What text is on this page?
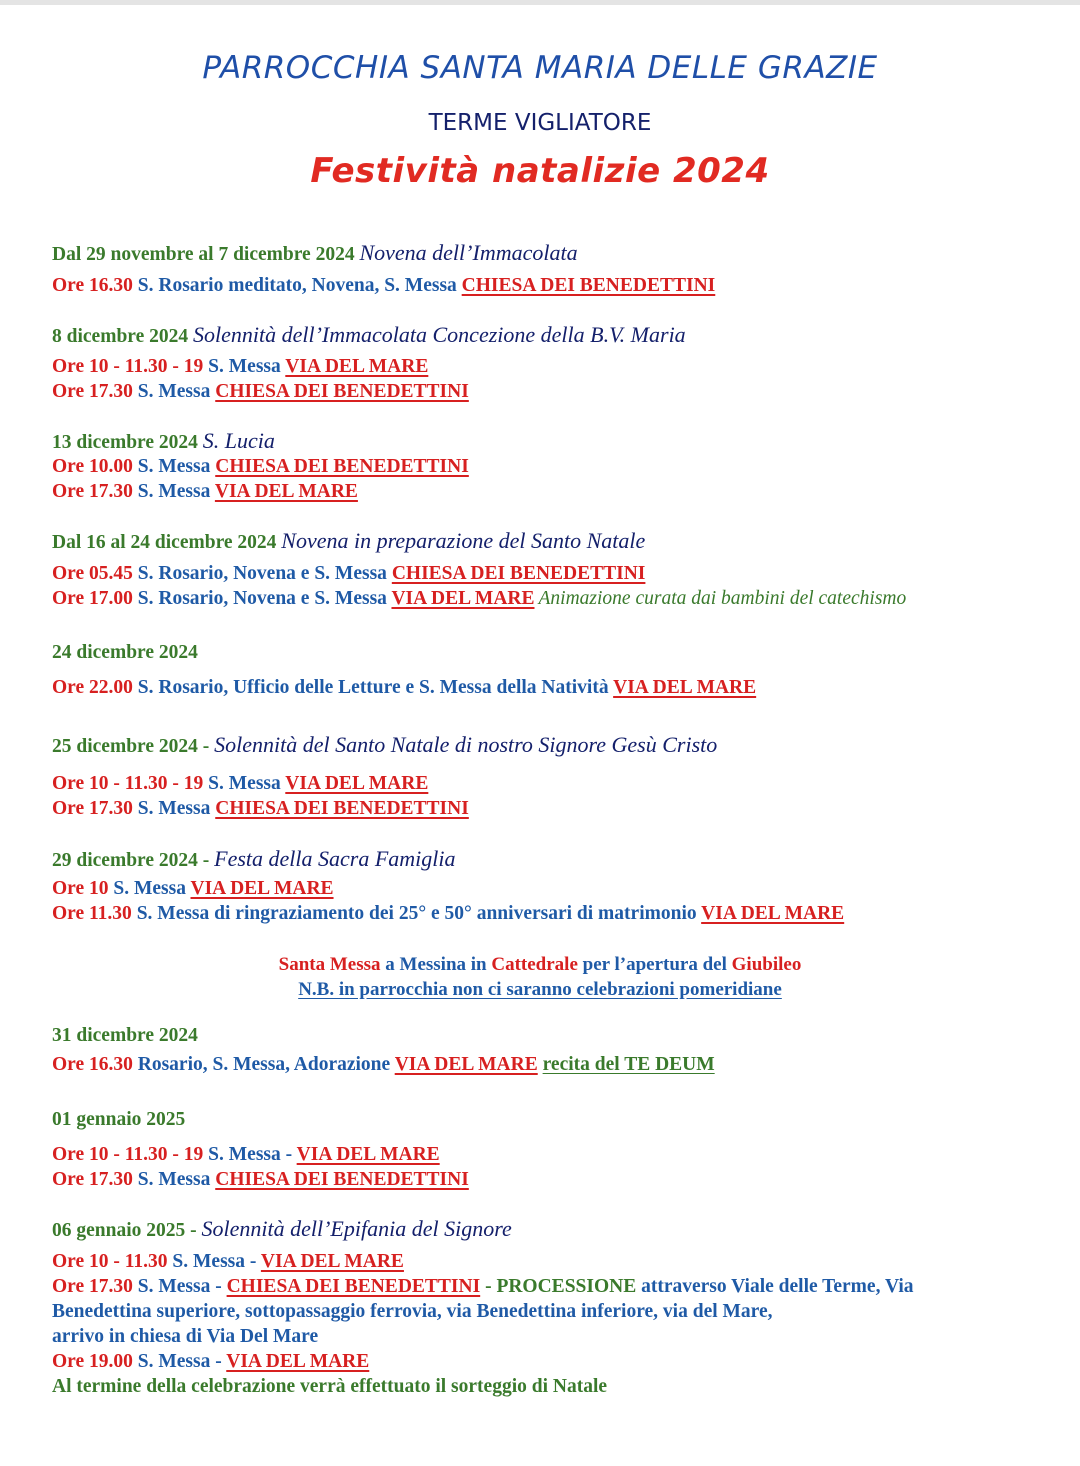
PARROCCHIA SANTA MARIA DELLE GRAZIE
TERME VIGLIATORE
Festività natalizie 2024
Dal 29 novembre al 7 dicembre 2024 Novena dell’Immacolata
Ore 16.30 S. Rosario meditato, Novena, S. Messa CHIESA DEI BENEDETTINI
8 dicembre 2024 Solennità dell’Immacolata Concezione della B.V. Maria
Ore 10 - 11.30 - 19 S. Messa VIA DEL MARE
Ore 17.30 S. Messa CHIESA DEI BENEDETTINI
13 dicembre 2024 S. Lucia
Ore 10.00 S. Messa CHIESA DEI BENEDETTINI
Ore 17.30 S. Messa VIA DEL MARE
Dal 16 al 24 dicembre 2024 Novena in preparazione del Santo Natale
Ore 05.45 S. Rosario, Novena e S. Messa CHIESA DEI BENEDETTINI
Ore 17.00 S. Rosario, Novena e S. Messa VIA DEL MARE Animazione curata dai bambini del catechismo
24 dicembre 2024
Ore 22.00 S. Rosario, Ufficio delle Letture e S. Messa della Natività VIA DEL MARE
25 dicembre 2024 - Solennità del Santo Natale di nostro Signore Gesù Cristo
Ore 10 - 11.30 - 19 S. Messa VIA DEL MARE
Ore 17.30 S. Messa CHIESA DEI BENEDETTINI
29 dicembre 2024 - Festa della Sacra Famiglia
Ore 10 S. Messa VIA DEL MARE
Ore 11.30 S. Messa di ringraziamento dei 25° e 50° anniversari di matrimonio VIA DEL MARE
Santa Messa a Messina in Cattedrale per l’apertura del Giubileo
N.B. in parrocchia non ci saranno celebrazioni pomeridiane
31 dicembre 2024
Ore 16.30 Rosario, S. Messa, Adorazione VIA DEL MARE recita del TE DEUM
01 gennaio 2025
Ore 10 - 11.30 - 19 S. Messa - VIA DEL MARE
Ore 17.30 S. Messa CHIESA DEI BENEDETTINI
06 gennaio 2025 - Solennità dell’Epifania del Signore
Ore 10 - 11.30 S. Messa - VIA DEL MARE
Ore 17.30 S. Messa - CHIESA DEI BENEDETTINI - PROCESSIONE attraverso Viale delle Terme, Via
Benedettina superiore, sottopassaggio ferrovia, via Benedettina inferiore, via del Mare,
arrivo in chiesa di Via Del Mare
Ore 19.00 S. Messa - VIA DEL MARE
Al termine della celebrazione verrà effettuato il sorteggio di Natale
